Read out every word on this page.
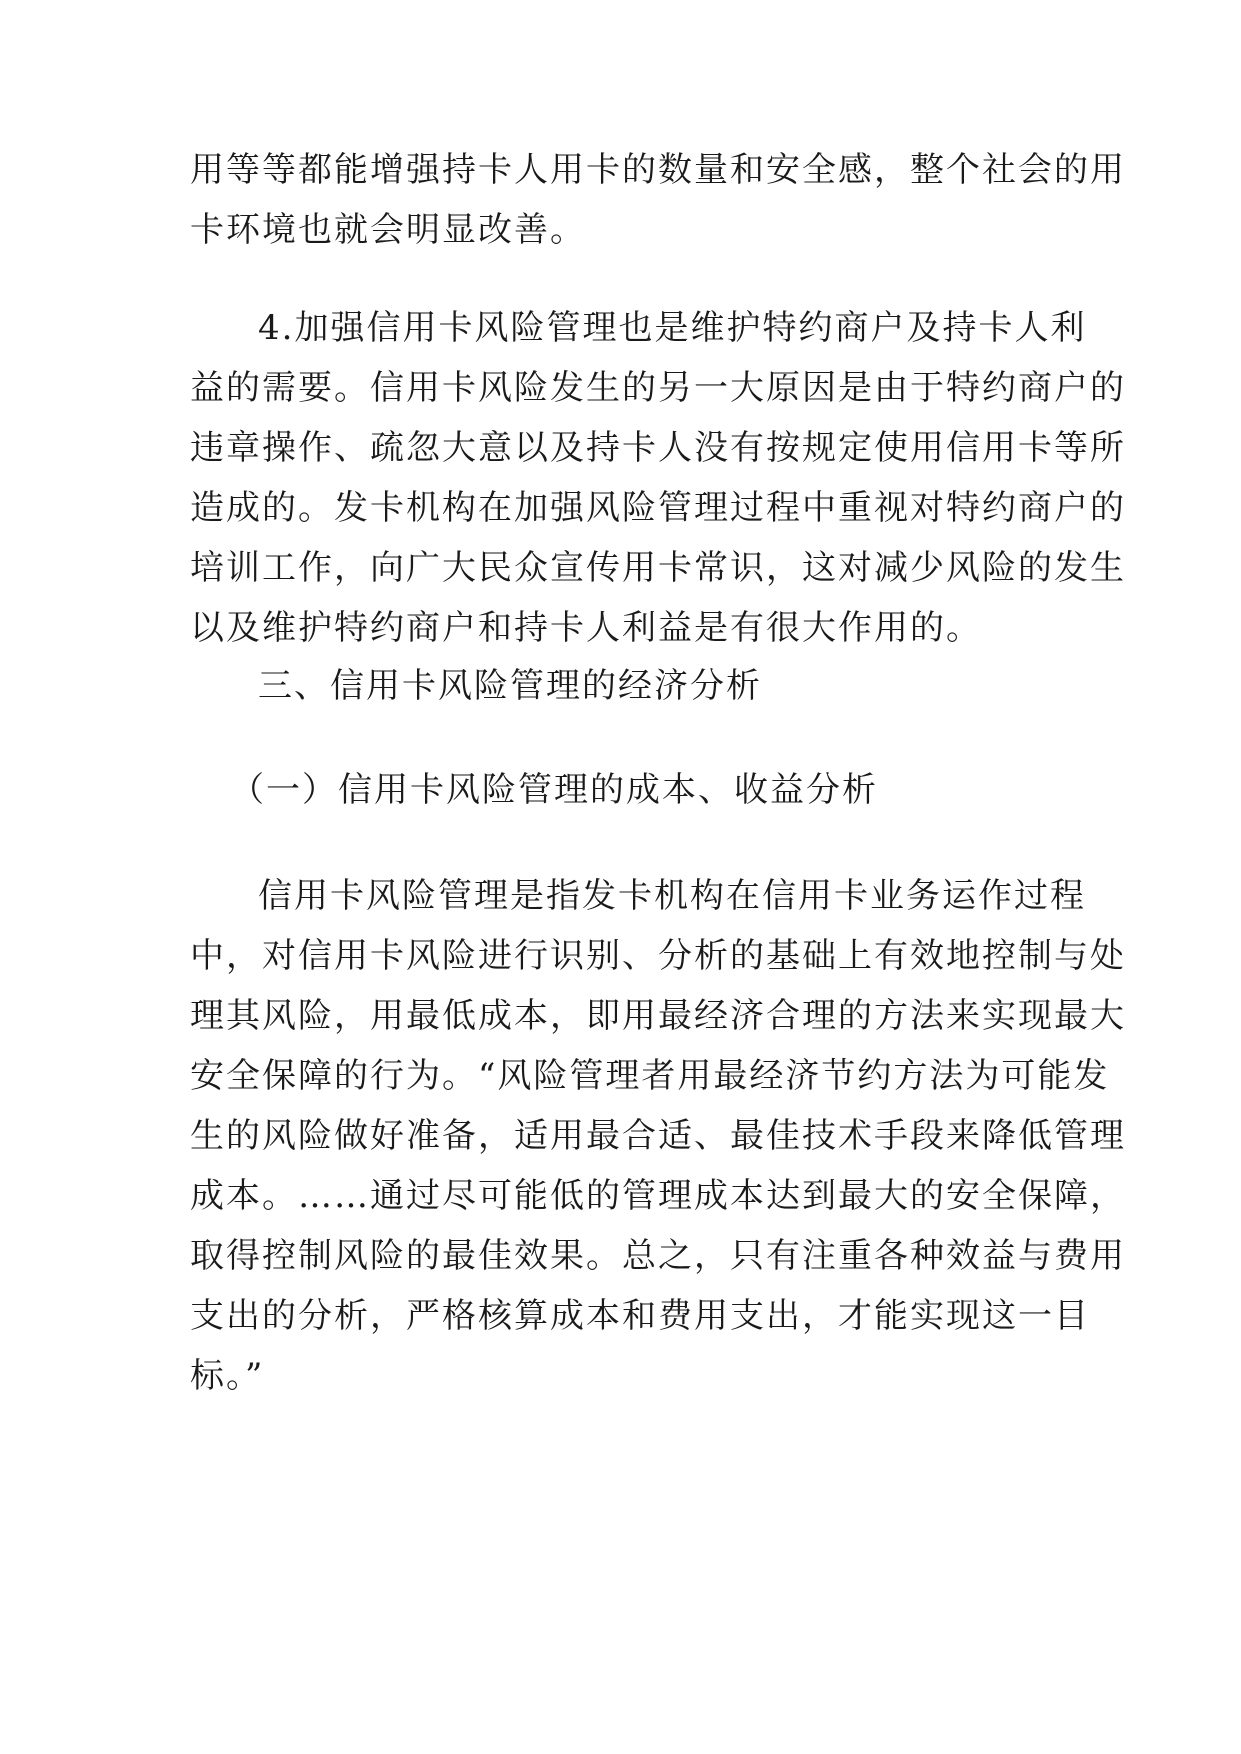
用等等都能增强持卡人用卡的数量和安全感，整个社会的用
卡环境也就会明显改善。
4.加强信用卡风险管理也是维护特约商户及持卡人利
益的需要。信用卡风险发生的另一大原因是由于特约商户的
违章操作、疏忽大意以及持卡人没有按规定使用信用卡等所
造成的。发卡机构在加强风险管理过程中重视对特约商户的
培训工作，向广大民众宣传用卡常识，这对减少风险的发生
以及维护特约商户和持卡人利益是有很大作用的。
三、信用卡风险管理的经济分析
（一）信用卡风险管理的成本、收益分析
信用卡风险管理是指发卡机构在信用卡业务运作过程
中，对信用卡风险进行识别、分析的基础上有效地控制与处
理其风险，用最低成本，即用最经济合理的方法来实现最大
安全保障的行为。“风险管理者用最经济节约方法为可能发
生的风险做好准备，适用最合适、最佳技术手段来降低管理
成本。……通过尽可能低的管理成本达到最大的安全保障，
取得控制风险的最佳效果。总之，只有注重各种效益与费用
支出的分析，严格核算成本和费用支出，才能实现这一目
标。”
